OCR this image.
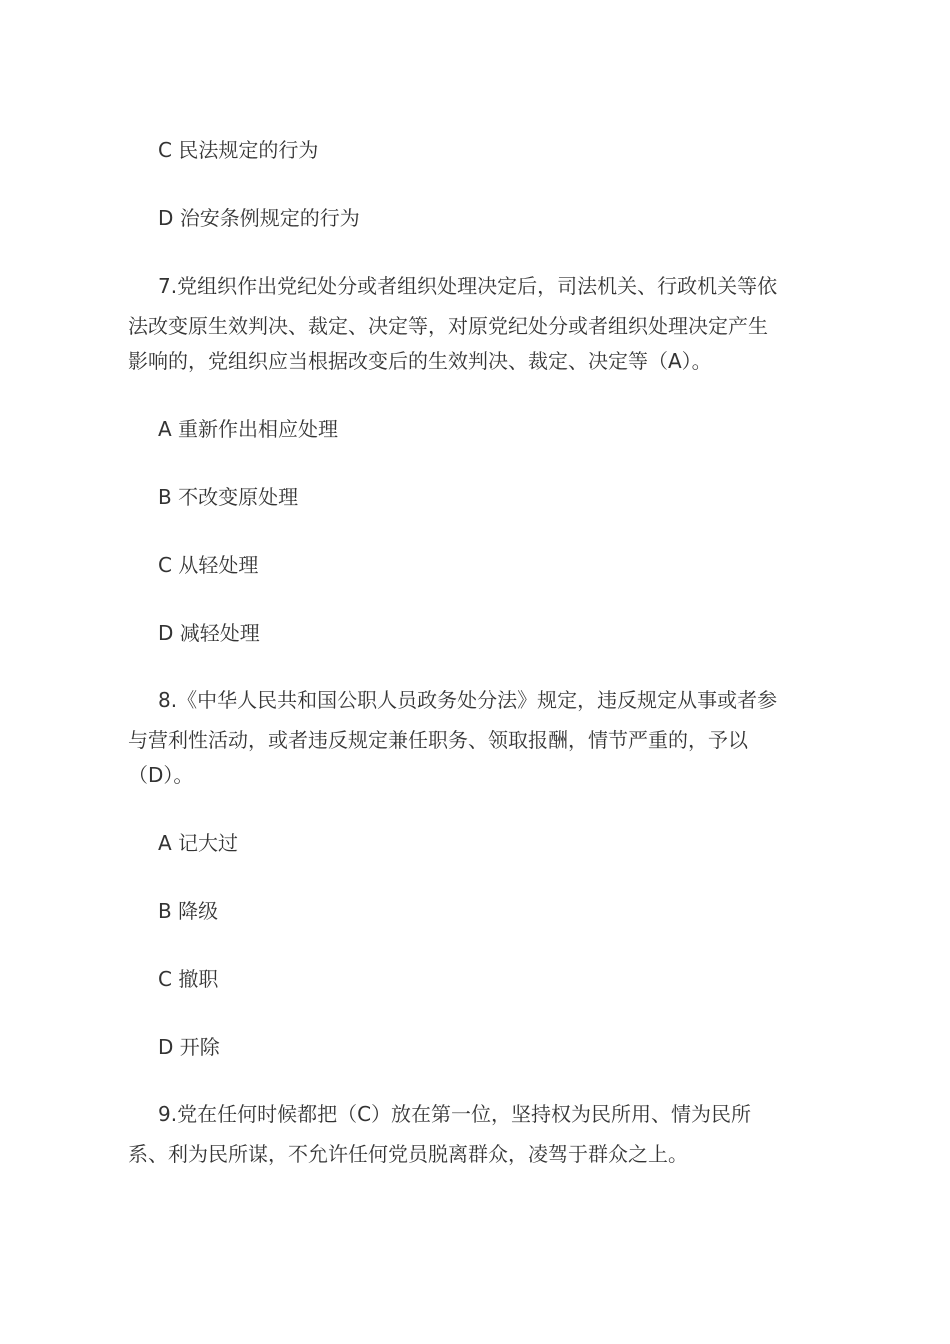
C 民法规定的行为
D 治安条例规定的行为
7.党组织作出党纪处分或者组织处理决定后，司法机关、行政机关等依
法改变原生效判决、裁定、决定等，对原党纪处分或者组织处理决定产生
影响的，党组织应当根据改变后的生效判决、裁定、决定等（A）。
A 重新作出相应处理
B 不改变原处理
C 从轻处理
D 减轻处理
8.《中华人民共和国公职人员政务处分法》规定，违反规定从事或者参
与营利性活动，或者违反规定兼任职务、领取报酬，情节严重的，予以
（D）。
A 记大过
B 降级
C 撤职
D 开除
9.党在任何时候都把（C）放在第一位，坚持权为民所用、情为民所
系、利为民所谋，不允许任何党员脱离群众，凌驾于群众之上。
